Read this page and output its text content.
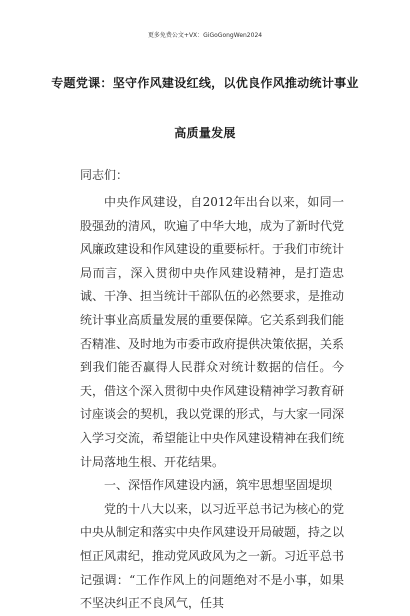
更多免费公文+VX：GiGoGongWen2024
专题党课：坚守作风建设红线，以优良作风推动统计事业
高质量发展
同志们：

中央作风建设，自2012年出台以来，如同一股强劲的清风，吹遍了中华大地，成为了新时代党风廉政建设和作风建设的重要标杆。于我们市统计局而言，深入贯彻中央作风建设精神，是打造忠诚、干净、担当统计干部队伍的必然要求，是推动统计事业高质量发展的重要保障。它关系到我们能否精准、及时地为市委市政府提供决策依据，关系到我们能否赢得人民群众对统计数据的信任。今天，借这个深入贯彻中央作风建设精神学习教育研讨座谈会的契机，我以党课的形式，与大家一同深入学习交流，希望能让中央作风建设精神在我们统计局落地生根、开花结果。

一、深悟作风建设内涵，筑牢思想坚固堤坝

党的十八大以来，以习近平总书记为核心的党中央从制定和落实中央作风建设开局破题，持之以恒正风肃纪，推动党风政风为之一新。习近平总书记强调：“工作作风上的问题绝对不是小事，如果不坚决纠正不良风气，任其
